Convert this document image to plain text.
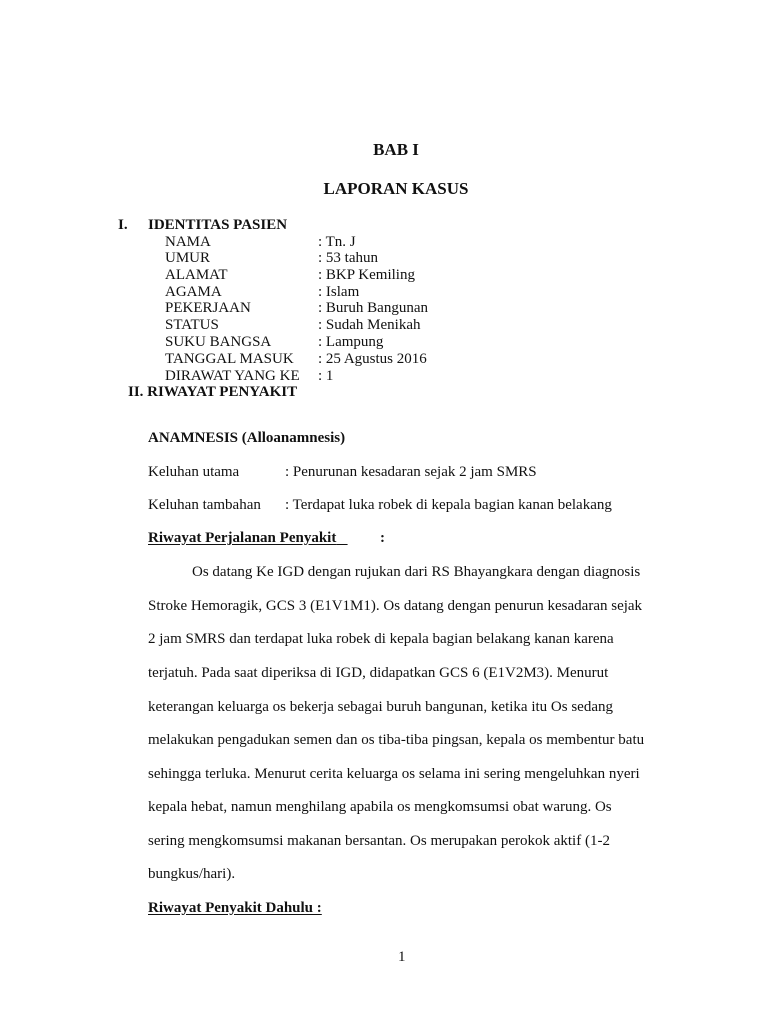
BAB I
LAPORAN KASUS
I. IDENTITAS PASIEN
NAMA	: Tn. J
UMUR	: 53 tahun
ALAMAT	: BKP Kemiling
AGAMA	: Islam
PEKERJAAN	: Buruh Bangunan
STATUS	: Sudah Menikah
SUKU BANGSA	: Lampung
TANGGAL MASUK : 25 Agustus 2016
DIRAWAT YANG KE : 1
II. RIWAYAT PENYAKIT
ANAMNESIS (Alloanamnesis)
Keluhan utama	: Penurunan kesadaran sejak 2 jam SMRS
Keluhan tambahan : Terdapat luka robek di kepala bagian kanan belakang
Riwayat Perjalanan Penyakit	:
Os datang Ke IGD dengan rujukan dari RS Bhayangkara dengan diagnosis
Stroke Hemoragik, GCS 3 (E1V1M1). Os datang dengan penurun kesadaran sejak
2 jam SMRS dan terdapat luka robek di kepala bagian belakang kanan karena
terjatuh. Pada saat diperiksa di IGD, didapatkan GCS 6 (E1V2M3). Menurut
keterangan keluarga os bekerja sebagai buruh bangunan, ketika itu Os sedang
melakukan pengadukan semen dan os tiba-tiba pingsan, kepala os membentur batu
sehingga terluka. Menurut cerita keluarga os selama ini sering mengeluhkan nyeri
kepala hebat, namun menghilang apabila os mengkomsumsi obat warung. Os
sering mengkomsumsi makanan bersantan. Os merupakan perokok aktif (1-2
bungkus/hari).
Riwayat Penyakit Dahulu :
1
